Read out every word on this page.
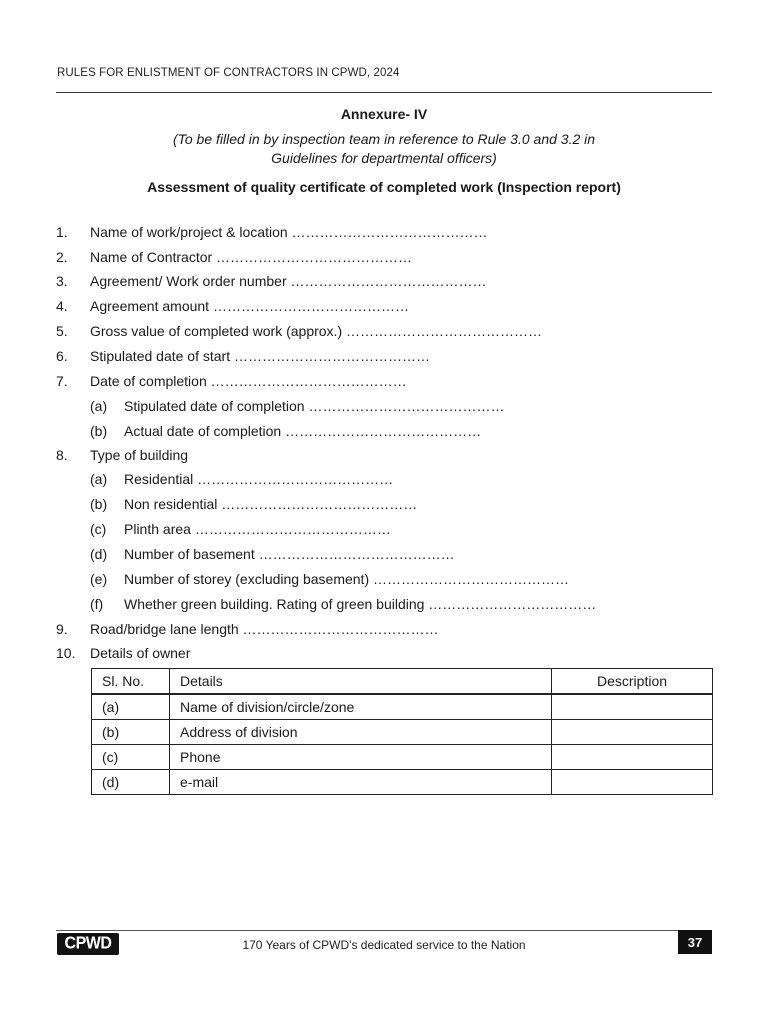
RULES FOR ENLISTMENT OF CONTRACTORS IN CPWD, 2024
Annexure- IV
(To be filled in by inspection team in reference to Rule 3.0 and 3.2 in
Guidelines for departmental officers)
Assessment of quality certificate of completed work (Inspection report)
1. Name of work/project & location ……………………………………
2. Name of Contractor ……………………………………
3. Agreement/ Work order number ……………………………………
4. Agreement amount ……………………………………
5. Gross value of completed work (approx.) ……………………………………
6. Stipulated date of start ……………………………………
7. Date of completion ……………………………………
(a) Stipulated date of completion ……………………………………
(b) Actual date of completion ……………………………………
8. Type of building
(a) Residential ……………………………………
(b) Non residential ……………………………………
(c) Plinth area ……………………………………
(d) Number of basement ……………………………………
(e) Number of storey (excluding basement) ……………………………………
(f) Whether green building. Rating of green building ………………………………
9. Road/bridge lane length ……………………………………
10. Details of owner
Sl. No.	Details	Description
(a)	Name of division/circle/zone	
(b)	Address of division	
(c)	Phone	
(d)	e-mail	
CPWD	170 Years of CPWD's dedicated service to the Nation	37
